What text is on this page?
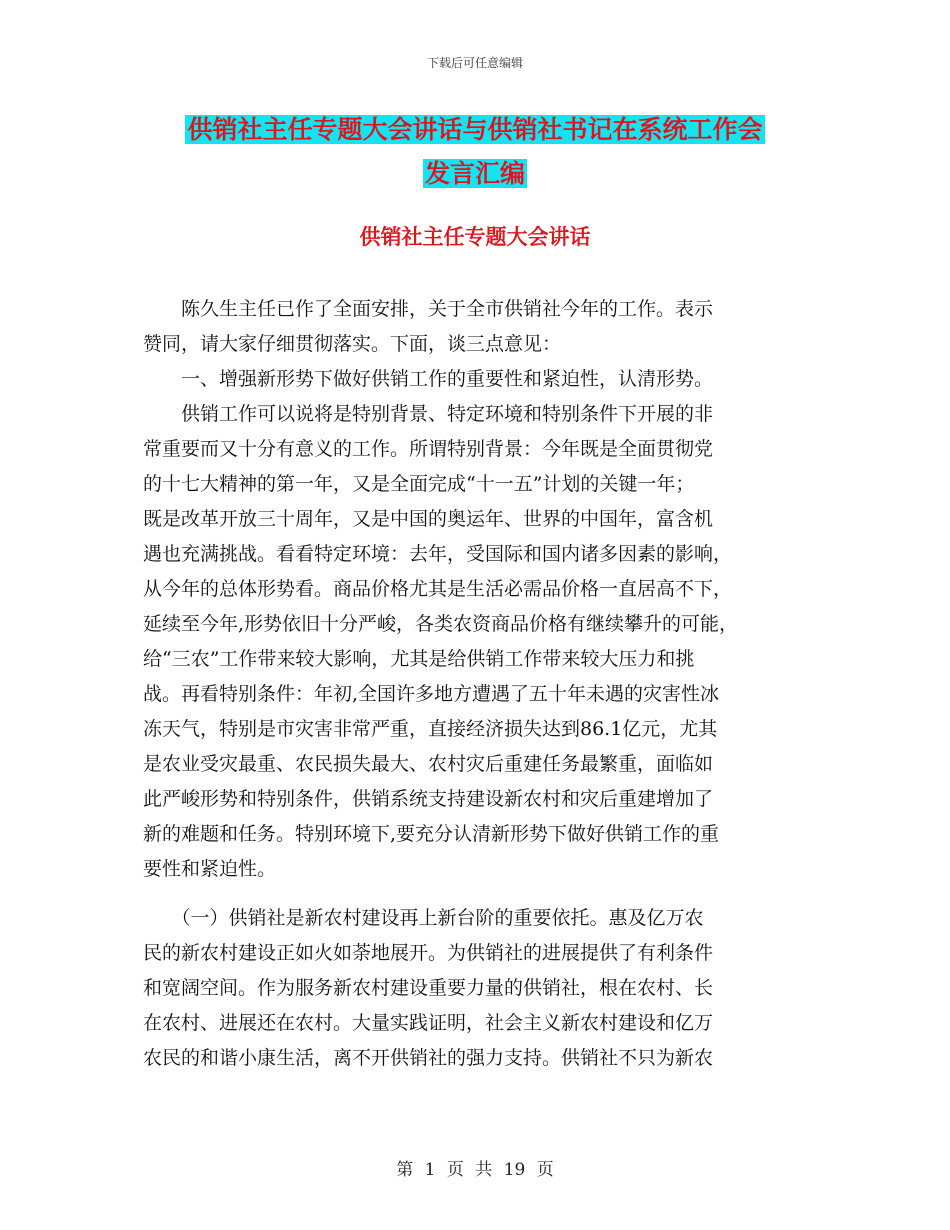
下载后可任意编辑
供销社主任专题大会讲话与供销社书记在系统工作会
发言汇编
供销社主任专题大会讲话
　　陈久生主任已作了全面安排，关于全市供销社今年的工作。表示
赞同，请大家仔细贯彻落实。下面，谈三点意见：
　　一、增强新形势下做好供销工作的重要性和紧迫性，认清形势。
　　供销工作可以说将是特别背景、特定环境和特别条件下开展的非
常重要而又十分有意义的工作。所谓特别背景：今年既是全面贯彻党
的十七大精神的第一年，又是全面完成“十一五”计划的关键一年；
既是改革开放三十周年，又是中国的奥运年、世界的中国年，富含机
遇也充满挑战。看看特定环境：去年，受国际和国内诸多因素的影响，
从今年的总体形势看。商品价格尤其是生活必需品价格一直居高不下，
延续至今年,形势依旧十分严峻，各类农资商品价格有继续攀升的可能，
给“三农”工作带来较大影响，尤其是给供销工作带来较大压力和挑
战。再看特别条件：年初,全国许多地方遭遇了五十年未遇的灾害性冰
冻天气，特别是市灾害非常严重，直接经济损失达到86.1亿元，尤其
是农业受灾最重、农民损失最大、农村灾后重建任务最繁重，面临如
此严峻形势和特别条件，供销系统支持建设新农村和灾后重建增加了
新的难题和任务。特别环境下,要充分认清新形势下做好供销工作的重
要性和紧迫性。
　　（一）供销社是新农村建设再上新台阶的重要依托。惠及亿万农
民的新农村建设正如火如荼地展开。为供销社的进展提供了有利条件
和宽阔空间。作为服务新农村建设重要力量的供销社，根在农村、长
在农村、进展还在农村。大量实践证明，社会主义新农村建设和亿万
农民的和谐小康生活，离不开供销社的强力支持。供销社不只为新农
第 1 页 共 19 页
